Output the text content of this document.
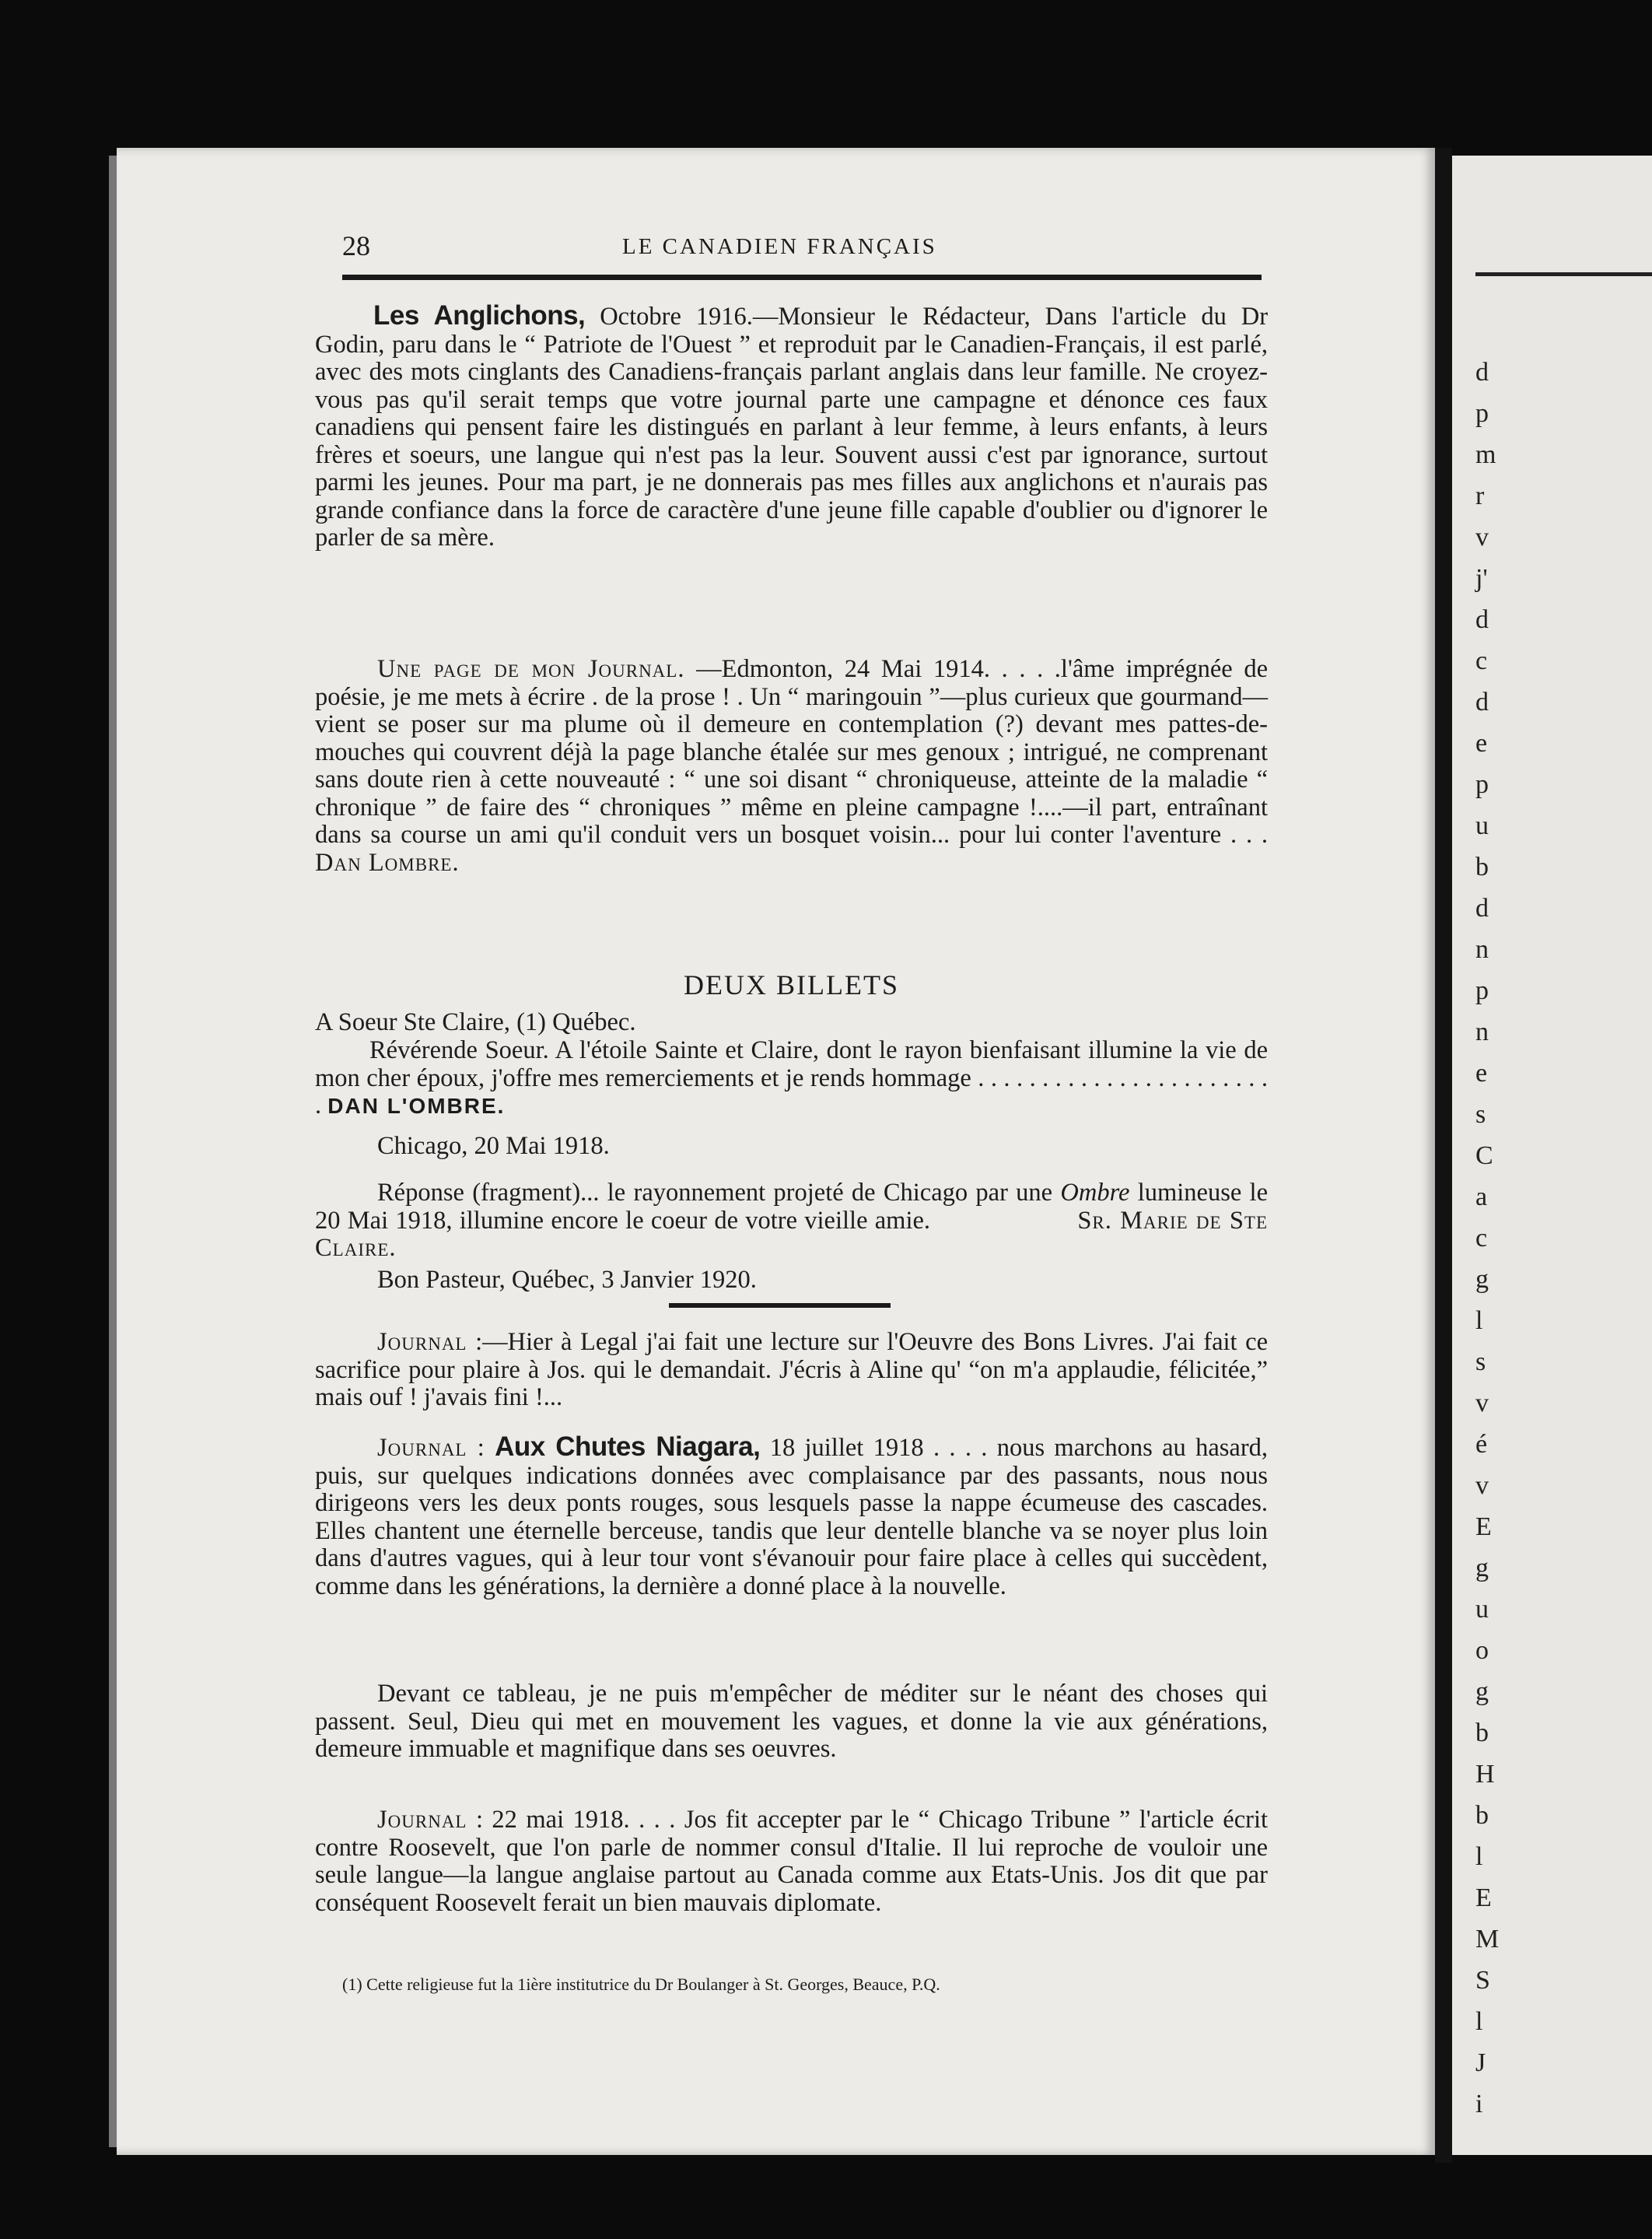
d
p
m
r
v
j'
d
c
d
e
p
u
b
d
n
p
n
e
s
C
a
c
g
l
s
v
é
v
E
g
u
o
g
b
H
b
l
E
M
S
l
J
i
28	LE CANADIEN FRANÇAIS

Les Anglichons, Octobre 1916.—Monsieur le Rédacteur, Dans l'article du Dr Godin, paru dans le “ Patriote de l'Ouest ” et reproduit par le Canadien-Français, il est parlé, avec des mots cinglants des Canadiens-français parlant anglais dans leur famille. Ne croyez-vous pas qu'il serait temps que votre journal parte une campagne et dénonce ces faux canadiens qui pensent faire les distingués en parlant à leur femme, à leurs enfants, à leurs frères et soeurs, une langue qui n'est pas la leur. Souvent aussi c'est par ignorance, surtout parmi les jeunes. Pour ma part, je ne donnerais pas mes filles aux anglichons et n'aurais pas grande confiance dans la force de caractère d'une jeune fille capable d'oublier ou d'ignorer le parler de sa mère.

Une page de mon Journal. —Edmonton, 24 Mai 1914. . . . .l'âme imprégnée de poésie, je me mets à écrire . de la prose ! . Un “ maringouin ”—plus curieux que gourmand—vient se poser sur ma plume où il demeure en contemplation (?) devant mes pattes-de-mouches qui couvrent déjà la page blanche étalée sur mes genoux ; intrigué, ne comprenant sans doute rien à cette nouveauté : “ une soi disant “ chroniqueuse, atteinte de la maladie “ chronique ” de faire des “ chroniques ” même en pleine campagne !....—il part, entraînant dans sa course un ami qu'il conduit vers un bosquet voisin... pour lui conter l'aventure . . . Dan Lombre.

DEUX BILLETS

A Soeur Ste Claire, (1) Québec.

Révérende Soeur. A l'étoile Sainte et Claire, dont le rayon bienfaisant illumine la vie de mon cher époux, j'offre mes remerciements et je rends hommage . . . . . . . . . . . . . . . . . . . . . . . . DAN L'OMBRE.

Chicago, 20 Mai 1918.

Réponse (fragment)... le rayonnement projeté de Chicago par une Ombre lumineuse le 20 Mai 1918, illumine encore le coeur de votre vieille amie.	Sr. Marie de Ste Claire.

Bon Pasteur, Québec, 3 Janvier 1920.

Journal :—Hier à Legal j'ai fait une lecture sur l'Oeuvre des Bons Livres. J'ai fait ce sacrifice pour plaire à Jos. qui le demandait. J'écris à Aline qu' “on m'a applaudie, félicitée,” mais ouf ! j'avais fini !...

Journal : Aux Chutes Niagara, 18 juillet 1918 . . . . nous marchons au hasard, puis, sur quelques indications données avec complaisance par des passants, nous nous dirigeons vers les deux ponts rouges, sous lesquels passe la nappe écumeuse des cascades. Elles chantent une éternelle berceuse, tandis que leur dentelle blanche va se noyer plus loin dans d'autres vagues, qui à leur tour vont s'évanouir pour faire place à celles qui succèdent, comme dans les générations, la dernière a donné place à la nouvelle.

Devant ce tableau, je ne puis m'empêcher de méditer sur le néant des choses qui passent. Seul, Dieu qui met en mouvement les vagues, et donne la vie aux générations, demeure immuable et magnifique dans ses oeuvres.

Journal : 22 mai 1918. . . . Jos fit accepter par le “ Chicago Tribune ” l'article écrit contre Roosevelt, que l'on parle de nommer consul d'Italie. Il lui reproche de vouloir une seule langue—la langue anglaise partout au Canada comme aux Etats-Unis. Jos dit que par conséquent Roosevelt ferait un bien mauvais diplomate.

(1) Cette religieuse fut la 1ière institutrice du Dr Boulanger à St. Georges, Beauce, P.Q.
